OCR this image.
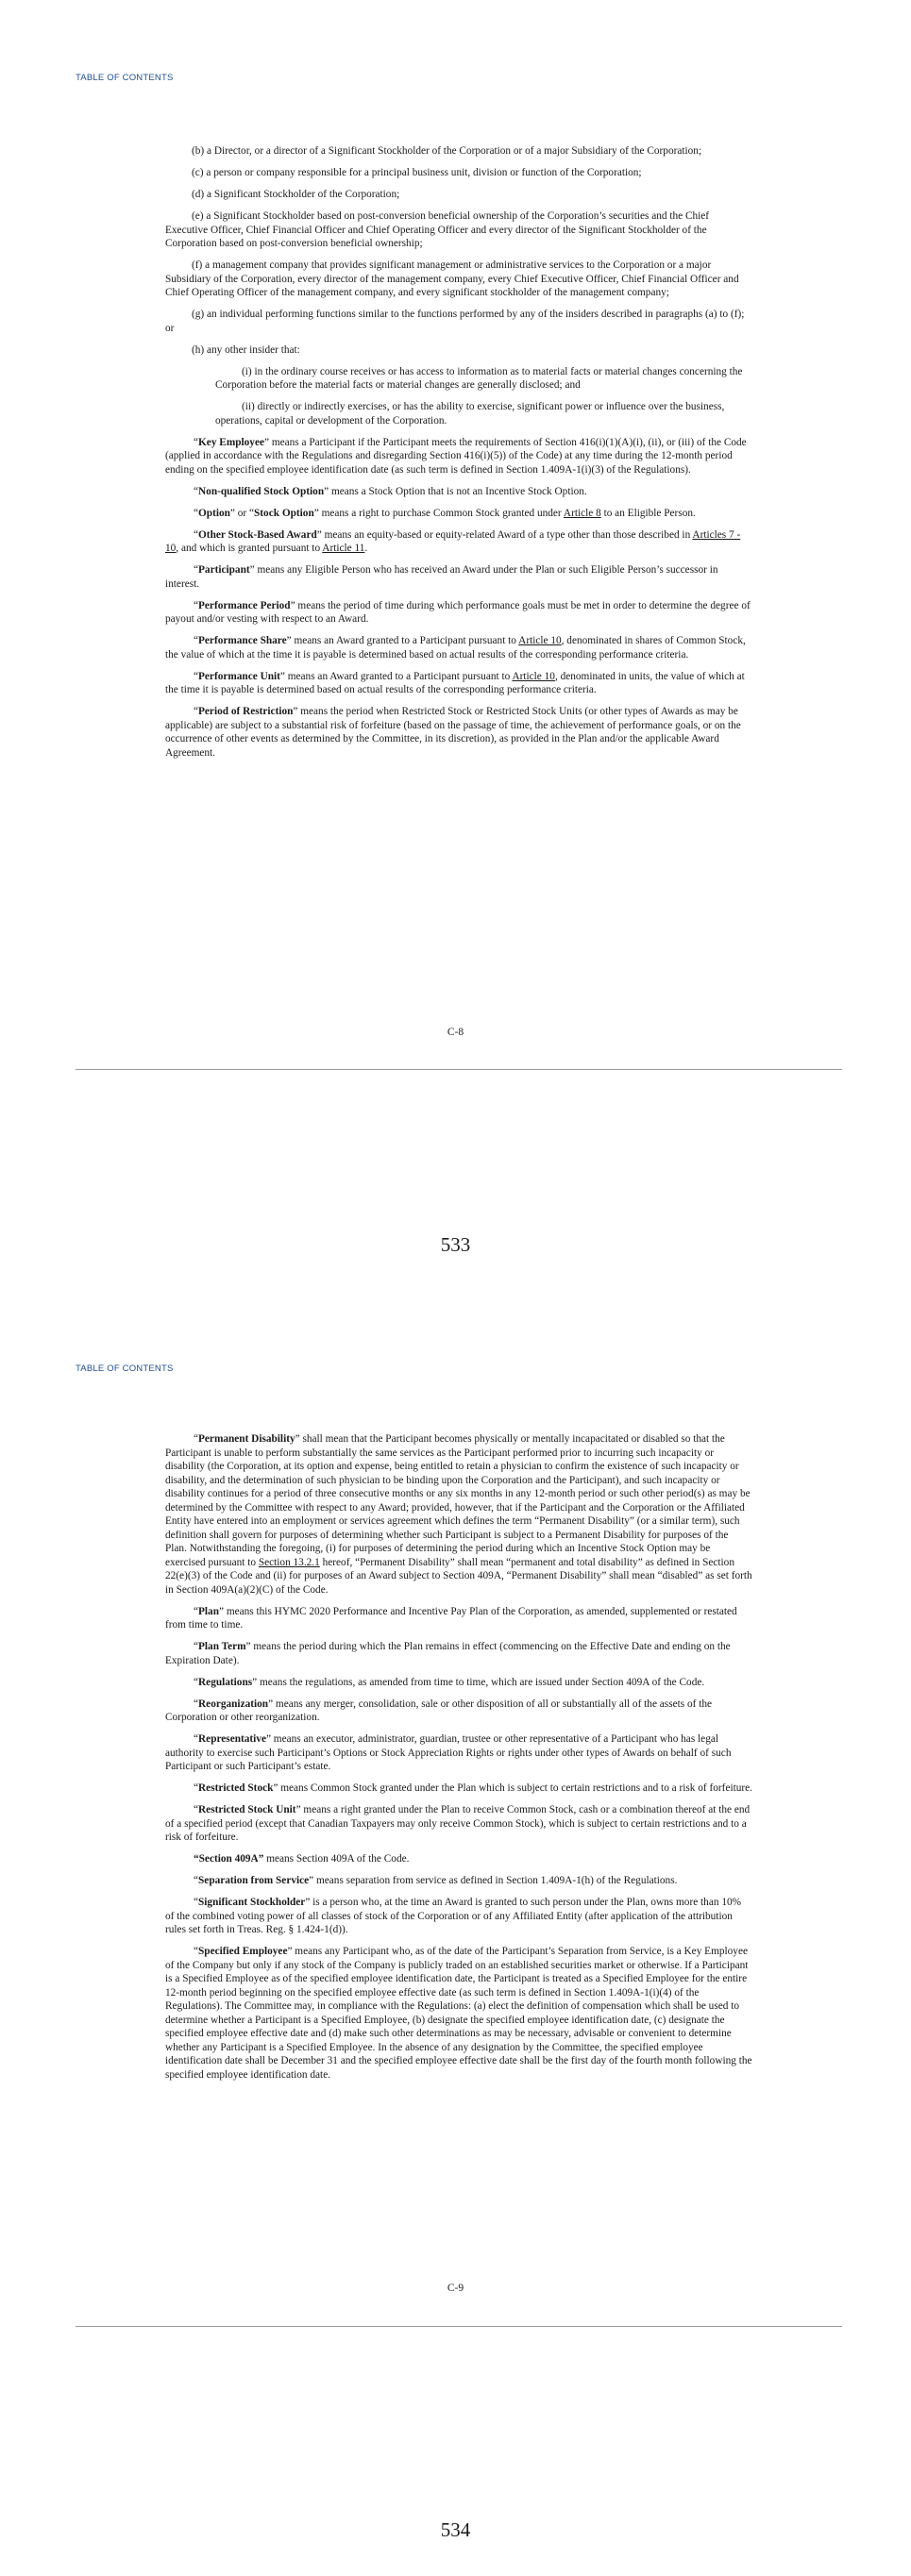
TABLE OF CONTENTS

(b) a Director, or a director of a Significant Stockholder of the Corporation or of a major Subsidiary of the Corporation;

(c) a person or company responsible for a principal business unit, division or function of the Corporation;

(d) a Significant Stockholder of the Corporation;

(e) a Significant Stockholder based on post-conversion beneficial ownership of the Corporation’s securities and the Chief Executive Officer, Chief Financial Officer and Chief Operating Officer and every director of the Significant Stockholder of the Corporation based on post-conversion beneficial ownership;

(f) a management company that provides significant management or administrative services to the Corporation or a major Subsidiary of the Corporation, every director of the management company, every Chief Executive Officer, Chief Financial Officer and Chief Operating Officer of the management company, and every significant stockholder of the management company;

(g) an individual performing functions similar to the functions performed by any of the insiders described in paragraphs (a) to (f); or

(h) any other insider that:

(i) in the ordinary course receives or has access to information as to material facts or material changes concerning the Corporation before the material facts or material changes are generally disclosed; and

(ii) directly or indirectly exercises, or has the ability to exercise, significant power or influence over the business, operations, capital or development of the Corporation.

“Key Employee” means a Participant if the Participant meets the requirements of Section 416(i)(1)(A)(i), (ii), or (iii) of the Code (applied in accordance with the Regulations and disregarding Section 416(i)(5)) of the Code) at any time during the 12-month period ending on the specified employee identification date (as such term is defined in Section 1.409A-1(i)(3) of the Regulations).

“Non-qualified Stock Option” means a Stock Option that is not an Incentive Stock Option.

“Option” or “Stock Option” means a right to purchase Common Stock granted under Article 8 to an Eligible Person.

“Other Stock-Based Award” means an equity-based or equity-related Award of a type other than those described in Articles 7 - 10, and which is granted pursuant to Article 11.

“Participant” means any Eligible Person who has received an Award under the Plan or such Eligible Person’s successor in interest.

“Performance Period” means the period of time during which performance goals must be met in order to determine the degree of payout and/or vesting with respect to an Award.

“Performance Share” means an Award granted to a Participant pursuant to Article 10, denominated in shares of Common Stock, the value of which at the time it is payable is determined based on actual results of the corresponding performance criteria.

“Performance Unit” means an Award granted to a Participant pursuant to Article 10, denominated in units, the value of which at the time it is payable is determined based on actual results of the corresponding performance criteria.

“Period of Restriction” means the period when Restricted Stock or Restricted Stock Units (or other types of Awards as may be applicable) are subject to a substantial risk of forfeiture (based on the passage of time, the achievement of performance goals, or on the occurrence of other events as determined by the Committee, in its discretion), as provided in the Plan and/or the applicable Award Agreement.

C-8
533
TABLE OF CONTENTS

“Permanent Disability” shall mean that the Participant becomes physically or mentally incapacitated or disabled so that the Participant is unable to perform substantially the same services as the Participant performed prior to incurring such incapacity or disability (the Corporation, at its option and expense, being entitled to retain a physician to confirm the existence of such incapacity or disability, and the determination of such physician to be binding upon the Corporation and the Participant), and such incapacity or disability continues for a period of three consecutive months or any six months in any 12-month period or such other period(s) as may be determined by the Committee with respect to any Award; provided, however, that if the Participant and the Corporation or the Affiliated Entity have entered into an employment or services agreement which defines the term “Permanent Disability” (or a similar term), such definition shall govern for purposes of determining whether such Participant is subject to a Permanent Disability for purposes of the Plan. Notwithstanding the foregoing, (i) for purposes of determining the period during which an Incentive Stock Option may be exercised pursuant to Section 13.2.1 hereof, “Permanent Disability” shall mean “permanent and total disability” as defined in Section 22(e)(3) of the Code and (ii) for purposes of an Award subject to Section 409A, “Permanent Disability” shall mean “disabled” as set forth in Section 409A(a)(2)(C) of the Code.

“Plan” means this HYMC 2020 Performance and Incentive Pay Plan of the Corporation, as amended, supplemented or restated from time to time.

“Plan Term” means the period during which the Plan remains in effect (commencing on the Effective Date and ending on the Expiration Date).

“Regulations” means the regulations, as amended from time to time, which are issued under Section 409A of the Code.

“Reorganization” means any merger, consolidation, sale or other disposition of all or substantially all of the assets of the Corporation or other reorganization.

“Representative” means an executor, administrator, guardian, trustee or other representative of a Participant who has legal authority to exercise such Participant’s Options or Stock Appreciation Rights or rights under other types of Awards on behalf of such Participant or such Participant’s estate.

“Restricted Stock” means Common Stock granted under the Plan which is subject to certain restrictions and to a risk of forfeiture.

“Restricted Stock Unit” means a right granted under the Plan to receive Common Stock, cash or a combination thereof at the end of a specified period (except that Canadian Taxpayers may only receive Common Stock), which is subject to certain restrictions and to a risk of forfeiture.

“Section 409A” means Section 409A of the Code.

“Separation from Service” means separation from service as defined in Section 1.409A-1(h) of the Regulations.

“Significant Stockholder” is a person who, at the time an Award is granted to such person under the Plan, owns more than 10% of the combined voting power of all classes of stock of the Corporation or of any Affiliated Entity (after application of the attribution rules set forth in Treas. Reg. § 1.424-1(d)).

“Specified Employee” means any Participant who, as of the date of the Participant’s Separation from Service, is a Key Employee of the Company but only if any stock of the Company is publicly traded on an established securities market or otherwise. If a Participant is a Specified Employee as of the specified employee identification date, the Participant is treated as a Specified Employee for the entire 12-month period beginning on the specified employee effective date (as such term is defined in Section 1.409A-1(i)(4) of the Regulations). The Committee may, in compliance with the Regulations: (a) elect the definition of compensation which shall be used to determine whether a Participant is a Specified Employee, (b) designate the specified employee identification date, (c) designate the specified employee effective date and (d) make such other determinations as may be necessary, advisable or convenient to determine whether any Participant is a Specified Employee. In the absence of any designation by the Committee, the specified employee identification date shall be December 31 and the specified employee effective date shall be the first day of the fourth month following the specified employee identification date.

C-9
534
